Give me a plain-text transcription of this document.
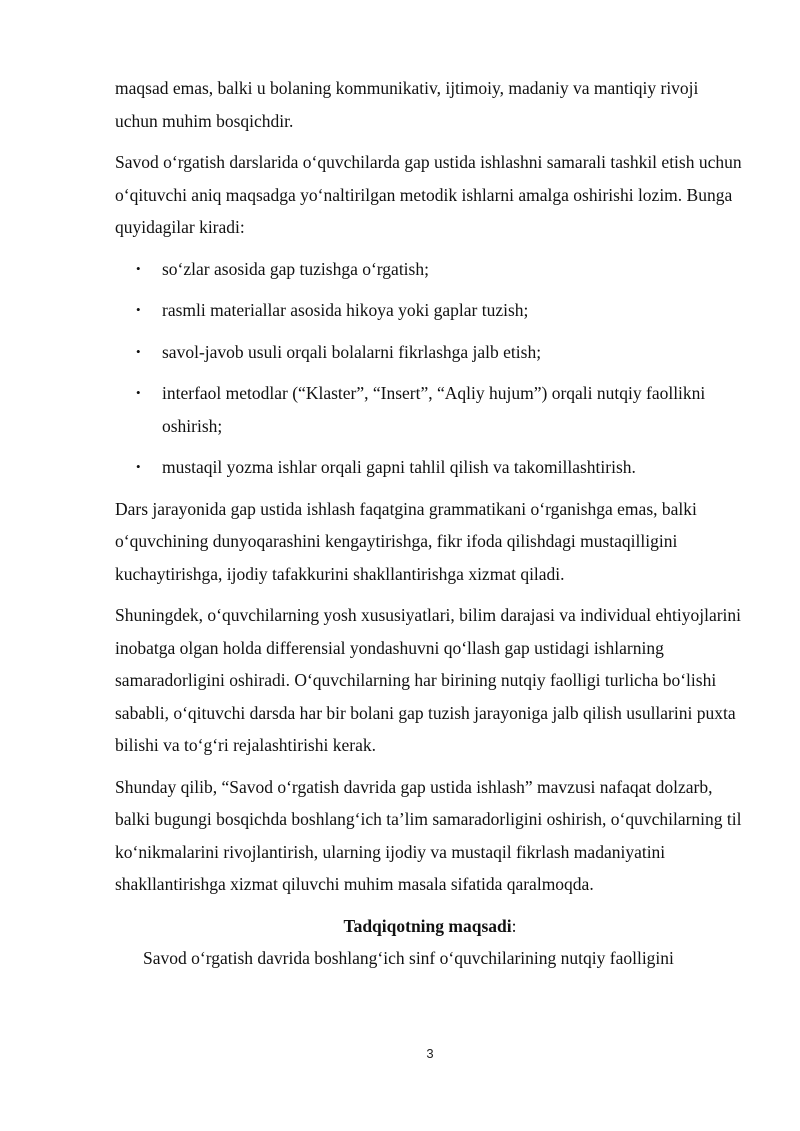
maqsad emas, balki u bolaning kommunikativ, ijtimoiy, madaniy va mantiqiy rivoji uchun muhim bosqichdir.

Savod o‘rgatish darslarida o‘quvchilarda gap ustida ishlashni samarali tashkil etish uchun o‘qituvchi aniq maqsadga yo‘naltirilgan metodik ishlarni amalga oshirishi lozim. Bunga quyidagilar kiradi:

• so‘zlar asosida gap tuzishga o‘rgatish;
• rasmli materiallar asosida hikoya yoki gaplar tuzish;
• savol-javob usuli orqali bolalarni fikrlashga jalb etish;
• interfaol metodlar (“Klaster”, “Insert”, “Aqliy hujum”) orqali nutqiy faollikni oshirish;
• mustaqil yozma ishlar orqali gapni tahlil qilish va takomillashtirish.

Dars jarayonida gap ustida ishlash faqatgina grammatikani o‘rganishga emas, balki o‘quvchining dunyoqarashini kengaytirishga, fikr ifoda qilishdagi mustaqilligini kuchaytirishga, ijodiy tafakkurini shakllantirishga xizmat qiladi.

Shuningdek, o‘quvchilarning yosh xususiyatlari, bilim darajasi va individual ehtiyojlarini inobatga olgan holda differensial yondashuvni qo‘llash gap ustidagi ishlarning samaradorligini oshiradi. O‘quvchilarning har birining nutqiy faolligi turlicha bo‘lishi sababli, o‘qituvchi darsda har bir bolani gap tuzish jarayoniga jalb qilish usullarini puxta bilishi va to‘g‘ri rejalashtirishi kerak.

Shunday qilib, “Savod o‘rgatish davrida gap ustida ishlash” mavzusi nafaqat dolzarb, balki bugungi bosqichda boshlang‘ich ta’lim samaradorligini oshirish, o‘quvchilarning til ko‘nikmalarini rivojlantirish, ularning ijodiy va mustaqil fikrlash madaniyatini shakllantirishga xizmat qiluvchi muhim masala sifatida qaralmoqda.

Tadqiqotning maqsadi:

Savod o‘rgatish davrida boshlang‘ich sinf o‘quvchilarining nutqiy faolligini

3
